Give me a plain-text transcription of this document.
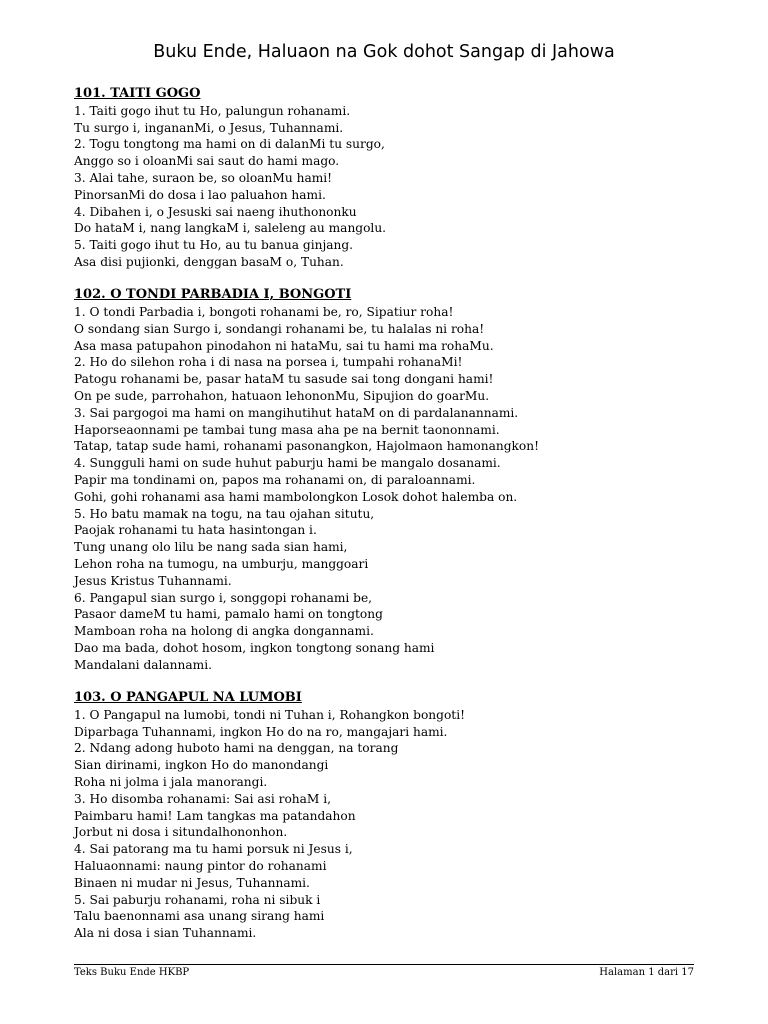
Buku Ende, Haluaon na Gok dohot Sangap di Jahowa
101. TAITI GOGO
1. Taiti gogo ihut tu Ho, palungun rohanami.
Tu surgo i, ingananMi, o Jesus, Tuhannami.
2. Togu tongtong ma hami on di dalanMi tu surgo,
Anggo so i oloanMi sai saut do hami mago.
3. Alai tahe, suraon be, so oloanMu hami!
PinorsanMi do dosa i lao paluahon hami.
4. Dibahen i, o Jesuski sai naeng ihuthononku
Do hataM i, nang langkaM i, saleleng au mangolu.
5. Taiti gogo ihut tu Ho, au tu banua ginjang.
Asa disi pujionki, denggan basaM o, Tuhan.
102. O TONDI PARBADIA I, BONGOTI
1. O tondi Parbadia i, bongoti rohanami be, ro, Sipatiur roha!
O sondang sian Surgo i, sondangi rohanami be, tu halalas ni roha!
Asa masa patupahon pinodahon ni hataMu, sai tu hami ma rohaMu.
2. Ho do silehon roha i di nasa na porsea i, tumpahi rohanaMi!
Patogu rohanami be, pasar hataM tu sasude sai tong dongani hami!
On pe sude, parrohahon, hatuaon lehononMu, Sipujion do goarMu.
3. Sai pargogoi ma hami on mangihutihut hataM on di pardalanannami.
Haporseaonnami pe tambai tung masa aha pe na bernit taononnami.
Tatap, tatap sude hami, rohanami pasonangkon, Hajolmaon hamonangkon!
4. Sungguli hami on sude huhut paburju hami be mangalo dosanami.
Papir ma tondinami on, papos ma rohanami on, di paraloannami.
Gohi, gohi rohanami asa hami mambolongkon Losok dohot halemba on.
5. Ho batu mamak na togu, na tau ojahan situtu,
Paojak rohanami tu hata hasintongan i.
Tung unang olo lilu be nang sada sian hami,
Lehon roha na tumogu, na umburju, manggoari
Jesus Kristus Tuhannami.
6. Pangapul sian surgo i, songgopi rohanami be,
Pasaor dameM tu hami, pamalo hami on tongtong
Mamboan roha na holong di angka dongannami.
Dao ma bada, dohot hosom, ingkon tongtong sonang hami
Mandalani dalannami.
103. O PANGAPUL NA LUMOBI
1. O Pangapul na lumobi, tondi ni Tuhan i, Rohangkon bongoti!
Diparbaga Tuhannami, ingkon Ho do na ro, mangajari hami.
2. Ndang adong huboto hami na denggan, na torang
Sian dirinami, ingkon Ho do manondangi
Roha ni jolma i jala manorangi.
3. Ho disomba rohanami: Sai asi rohaM i,
Paimbaru hami! Lam tangkas ma patandahon
Jorbut ni dosa i situndalhononhon.
4. Sai patorang ma tu hami porsuk ni Jesus i,
Haluaonnami: naung pintor do rohanami
Binaen ni mudar ni Jesus, Tuhannami.
5. Sai paburju rohanami, roha ni sibuk i
Talu baenonnami asa unang sirang hami
Ala ni dosa i sian Tuhannami.
Teks Buku Ende HKBP	Halaman 1 dari 17
